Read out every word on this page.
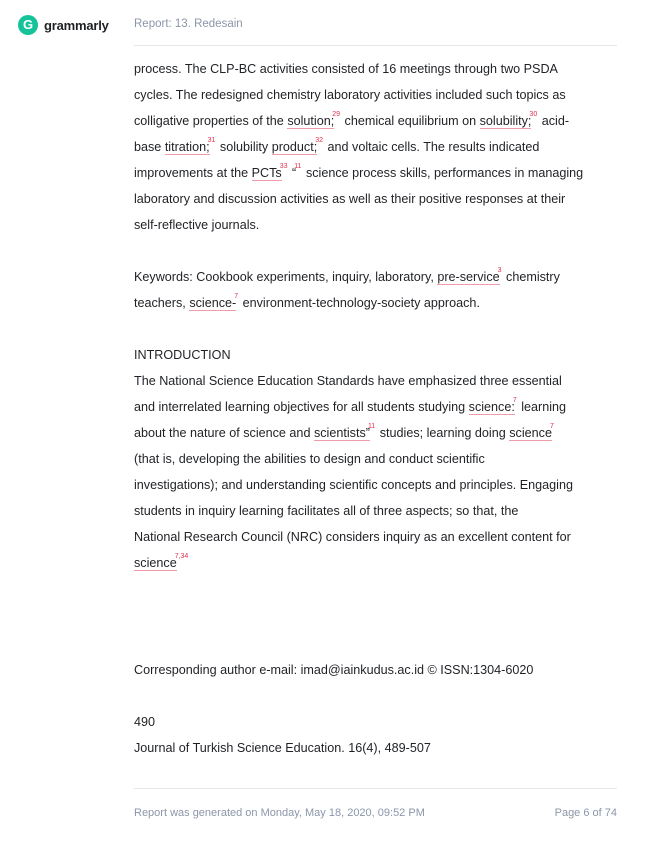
G grammarly Report: 13. Redesain
process. The CLP-BC activities consisted of 16 meetings through two PSDA
cycles. The redesigned chemistry laboratory activities included such topics as
colligative properties of the solution;$^{29}$ chemical equilibrium on solubility;$^{30}$ acid-
base titration;$^{31}$ solubility product;$^{32}$ and voltaic cells. The results indicated
improvements at the PCTs$^{33}$ “$^{11}$ science process skills, performances in managing
laboratory and discussion activities as well as their positive responses at their
self-reflective journals.
Keywords: Cookbook experiments, inquiry, laboratory, pre-service$^3$ chemistry
teachers, science-$^7$ environment-technology-society approach.
INTRODUCTION
The National Science Education Standards have emphasized three essential
and interrelated learning objectives for all students studying science:$^7$ learning
about the nature of science and scientists”$^{11}$ studies; learning doing science$^7$
(that is, developing the abilities to design and conduct scientific
investigations); and understanding scientific concepts and principles. Engaging
students in inquiry learning facilitates all of three aspects; so that, the
National Research Council (NRC) considers inquiry as an excellent content for
science$^{7,34}$
Corresponding author e-mail: imad@iainkudus.ac.id © ISSN:1304-6020
490
Journal of Turkish Science Education. 16(4), 489-507
Report was generated on Monday, May 18, 2020, 09:52 PM	Page 6 of 74
